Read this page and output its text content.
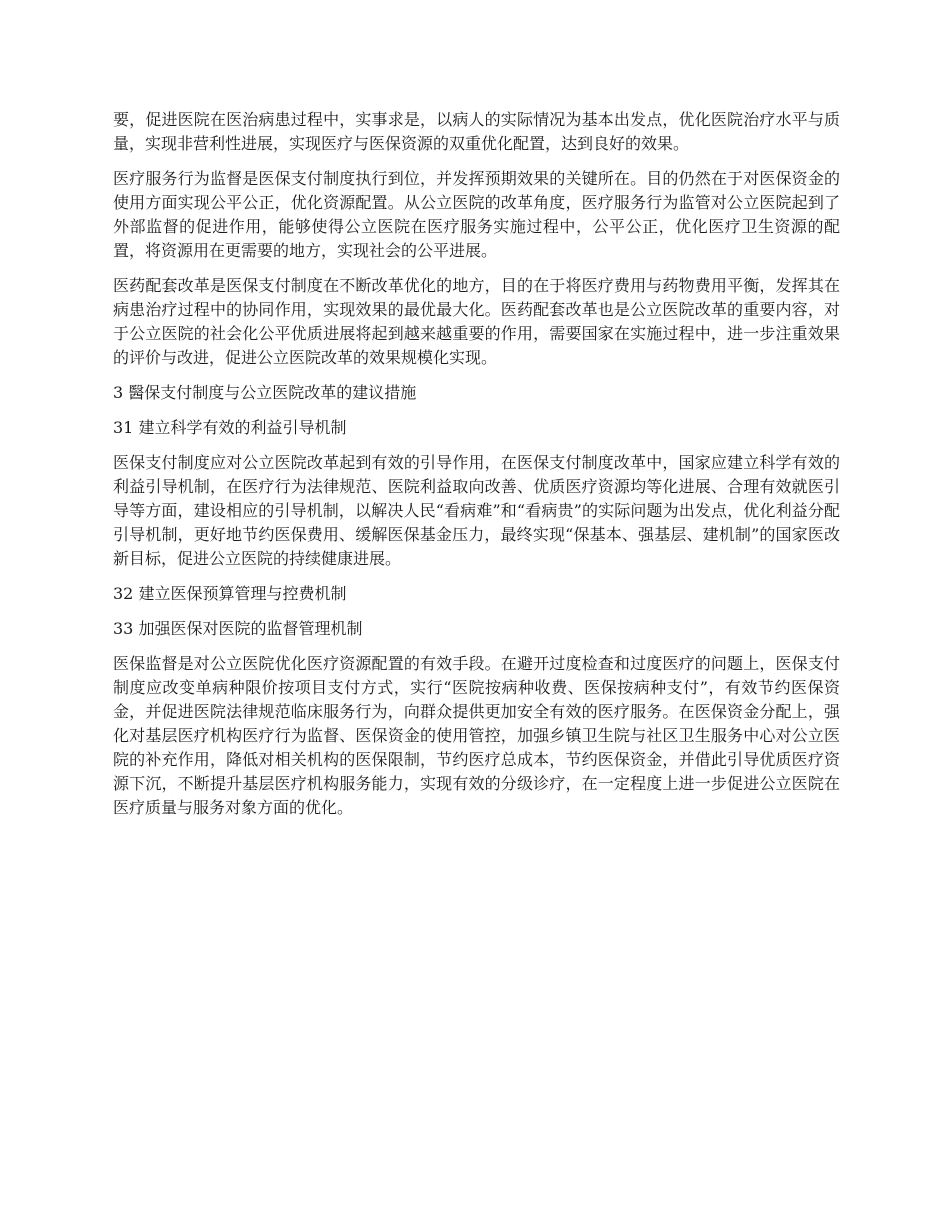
要，促进医院在医治病患过程中，实事求是，以病人的实际情况为基本出发点，优化医院治疗水平与质量，实现非营利性进展，实现医疗与医保资源的双重优化配置，达到良好的效果。

医疗服务行为监督是医保支付制度执行到位，并发挥预期效果的关键所在。目的仍然在于对医保资金的使用方面实现公平公正，优化资源配置。从公立医院的改革角度，医疗服务行为监管对公立医院起到了外部监督的促进作用，能够使得公立医院在医疗服务实施过程中，公平公正，优化医疗卫生资源的配置，将资源用在更需要的地方，实现社会的公平进展。

医药配套改革是医保支付制度在不断改革优化的地方，目的在于将医疗费用与药物费用平衡，发挥其在病患治疗过程中的协同作用，实现效果的最优最大化。医药配套改革也是公立医院改革的重要内容，对于公立医院的社会化公平优质进展将起到越来越重要的作用，需要国家在实施过程中，进一步注重效果的评价与改进，促进公立医院改革的效果规模化实现。

3 醫保支付制度与公立医院改革的建议措施

31 建立科学有效的利益引导机制

医保支付制度应对公立医院改革起到有效的引导作用，在医保支付制度改革中，国家应建立科学有效的利益引导机制，在医疗行为法律规范、医院利益取向改善、优质医疗资源均等化进展、合理有效就医引导等方面，建设相应的引导机制，以解决人民“看病难”和“看病贵”的实际问题为出发点，优化利益分配引导机制，更好地节约医保费用、缓解医保基金压力，最终实现“保基本、强基层、建机制”的国家医改新目标，促进公立医院的持续健康进展。

32 建立医保预算管理与控费机制

33 加强医保对医院的监督管理机制

医保监督是对公立医院优化医疗资源配置的有效手段。在避开过度检查和过度医疗的问题上，医保支付制度应改变单病种限价按项目支付方式，实行“医院按病种收费、医保按病种支付”，有效节约医保资金，并促进医院法律规范临床服务行为，向群众提供更加安全有效的医疗服务。在医保资金分配上，强化对基层医疗机构医疗行为监督、医保资金的使用管控，加强乡镇卫生院与社区卫生服务中心对公立医院的补充作用，降低对相关机构的医保限制，节约医疗总成本，节约医保资金，并借此引导优质医疗资源下沉，不断提升基层医疗机构服务能力，实现有效的分级诊疗，在一定程度上进一步促进公立医院在医疗质量与服务对象方面的优化。
